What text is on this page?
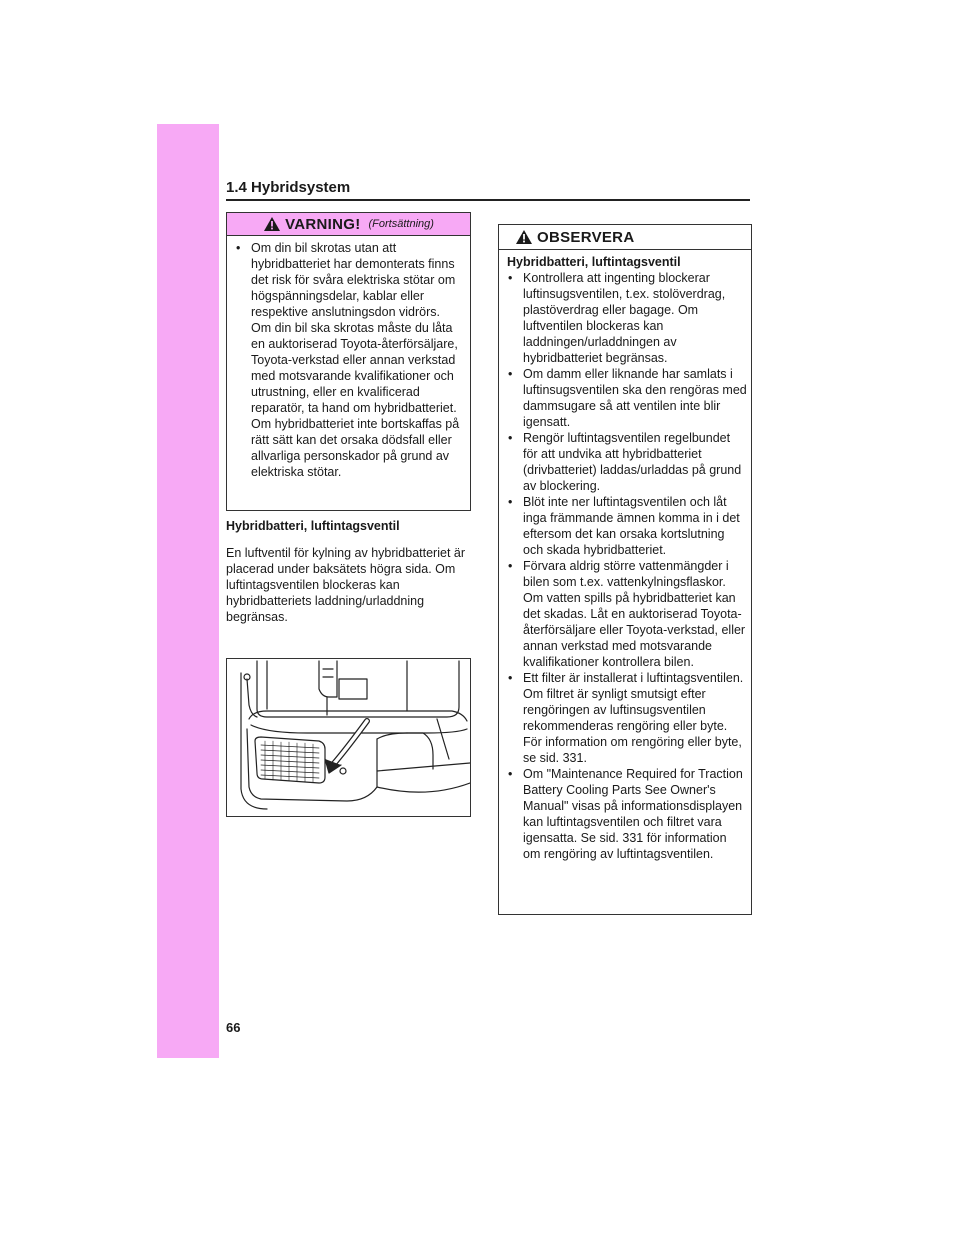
1.4 Hybridsystem
VARNING! (Fortsättning)
• Om din bil skrotas utan att hybridbatteriet har demonterats finns det risk för svåra elektriska stötar om högspänningsdelar, kablar eller respektive anslutningsdon vidrörs. Om din bil ska skrotas måste du låta en auktoriserad Toyota-återförsäljare, Toyota-verkstad eller annan verkstad med motsvarande kvalifikationer och utrustning, eller en kvalificerad reparatör, ta hand om hybridbatteriet. Om hybridbatteriet inte bortskaffas på rätt sätt kan det orsaka dödsfall eller allvarliga personskador på grund av elektriska stötar.
Hybridbatteri, luftintagsventil
En luftventil för kylning av hybridbatteriet är placerad under baksätets högra sida. Om luftintagsventilen blockeras kan hybridbatteriets laddning/urladdning begränsas.
OBSERVERA
Hybridbatteri, luftintagsventil
• Kontrollera att ingenting blockerar luftinsugsventilen, t.ex. stolöverdrag, plastöverdrag eller bagage. Om luftventilen blockeras kan laddningen/urladdningen av hybridbatteriet begränsas.
• Om damm eller liknande har samlats i luftinsugsventilen ska den rengöras med dammsugare så att ventilen inte blir igensatt.
• Rengör luftintagsventilen regelbundet för att undvika att hybridbatteriet (drivbatteriet) laddas/urladdas på grund av blockering.
• Blöt inte ner luftintagsventilen och låt inga främmande ämnen komma in i det eftersom det kan orsaka kortslutning och skada hybridbatteriet.
• Förvara aldrig större vattenmängder i bilen som t.ex. vattenkylningsflaskor. Om vatten spills på hybridbatteriet kan det skadas. Låt en auktoriserad Toyota-återförsäljare eller Toyota-verkstad, eller annan verkstad med motsvarande kvalifikationer kontrollera bilen.
• Ett filter är installerat i luftintagsventilen. Om filtret är synligt smutsigt efter rengöringen av luftinsugsventilen rekommenderas rengöring eller byte. För information om rengöring eller byte, se sid. 331.
• Om "Maintenance Required for Traction Battery Cooling Parts See Owner's Manual" visas på informationsdisplayen kan luftintagsventilen och filtret vara igensatta. Se sid. 331 för information om rengöring av luftintagsventilen.
66
